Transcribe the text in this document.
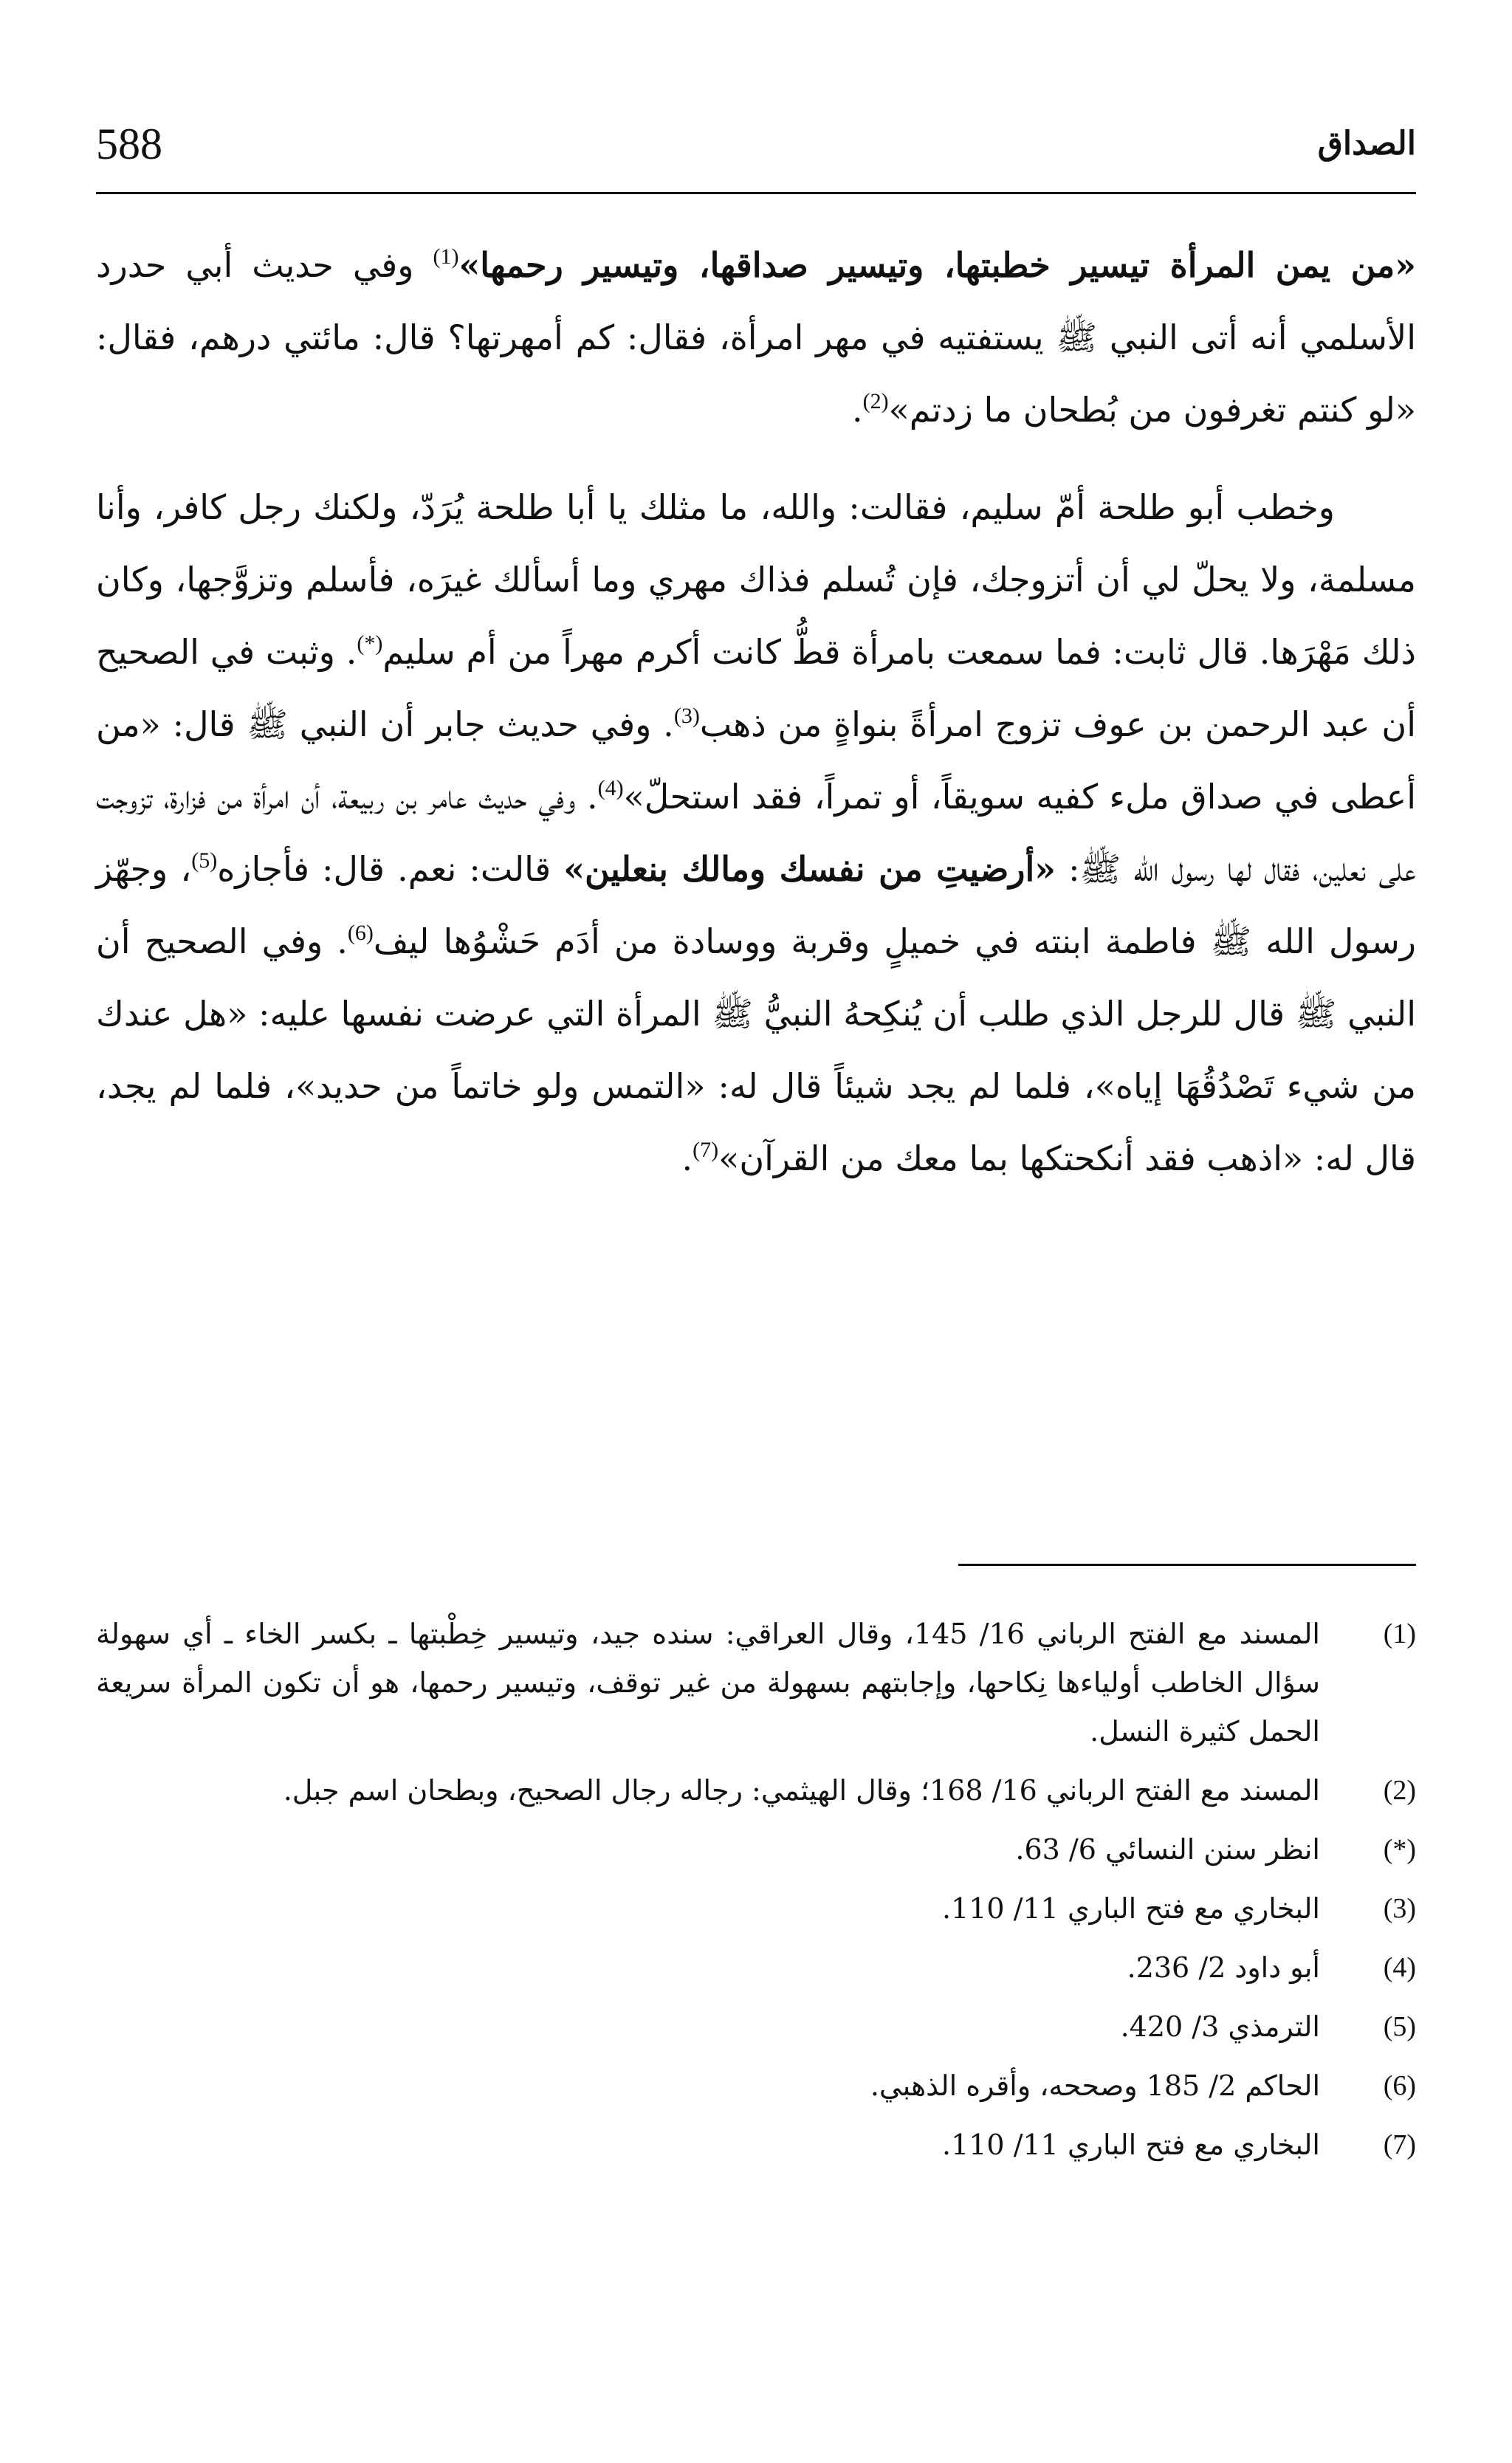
588	الصداق

«من يمن المرأة تيسير خطبتها، وتيسير صداقها، وتيسير رحمها»$^{(1)}$ وفي حديث أبي حدرد الأسلمي أنه أتى النبي ﷺ يستفتيه في مهر امرأة، فقال: كم أمهرتها؟ قال: مائتي درهم، فقال: «لو كنتم تغرفون من بُطحان ما زدتم»$^{(2)}$.

وخطب أبو طلحة أمّ سليم، فقالت: والله، ما مثلك يا أبا طلحة يُرَدّ، ولكنك رجل كافر، وأنا مسلمة، ولا يحلّ لي أن أتزوجك، فإن تُسلم فذاك مهري وما أسألك غيرَه، فأسلم وتزوَّجها، وكان ذلك مَهْرَها. قال ثابت: فما سمعت بامرأة قطُّ كانت أكرم مهراً من أم سليم(*). وثبت في الصحيح أن عبد الرحمن بن عوف تزوج امرأةً بنواةٍ من ذهب$^{(3)}$. وفي حديث جابر أن النبي ﷺ قال: «من أعطى في صداق ملء كفيه سويقاً، أو تمراً، فقد استحلّ»$^{(4)}$. وفي حديث عامر بن ربيعة، أن امرأة من فزارة، تزوجت على نعلين، فقال لها رسول الله ﷺ: «أرضيتِ من نفسك ومالك بنعلين» قالت: نعم. قال: فأجازه$^{(5)}$، وجهّز رسول الله ﷺ فاطمة ابنته في خميلٍ وقربة ووسادة من أدَم حَشْوُها ليف$^{(6)}$. وفي الصحيح أن النبي ﷺ قال للرجل الذي طلب أن يُنكِحهُ النبيُّ ﷺ المرأة التي عرضت نفسها عليه: «هل عندك من شيء تَصْدُقُهَا إياه»، فلما لم يجد شيئاً قال له: «التمس ولو خاتماً من حديد»، فلما لم يجد، قال له: «اذهب فقد أنكحتكها بما معك من القرآن»$^{(7)}$.

(1)
المسند مع الفتح الرباني 16/ 145، وقال العراقي: سنده جيد، وتيسير خِطْبتها ـ بكسر الخاء ـ أي سهولة سؤال الخاطب أولياءها نِكاحها، وإجابتهم بسهولة من غير توقف، وتيسير رحمها، هو أن تكون المرأة سريعة الحمل كثيرة النسل.

(2)
المسند مع الفتح الرباني 16/ 168؛ وقال الهيثمي: رجاله رجال الصحيح، وبطحان اسم جبل.

(*)
انظر سنن النسائي 6/ 63.

(3)
البخاري مع فتح الباري 11/ 110.

(4)
أبو داود 2/ 236.

(5)
الترمذي 3/ 420.

(6)
الحاكم 2/ 185 وصححه، وأقره الذهبي.

(7)
البخاري مع فتح الباري 11/ 110.
